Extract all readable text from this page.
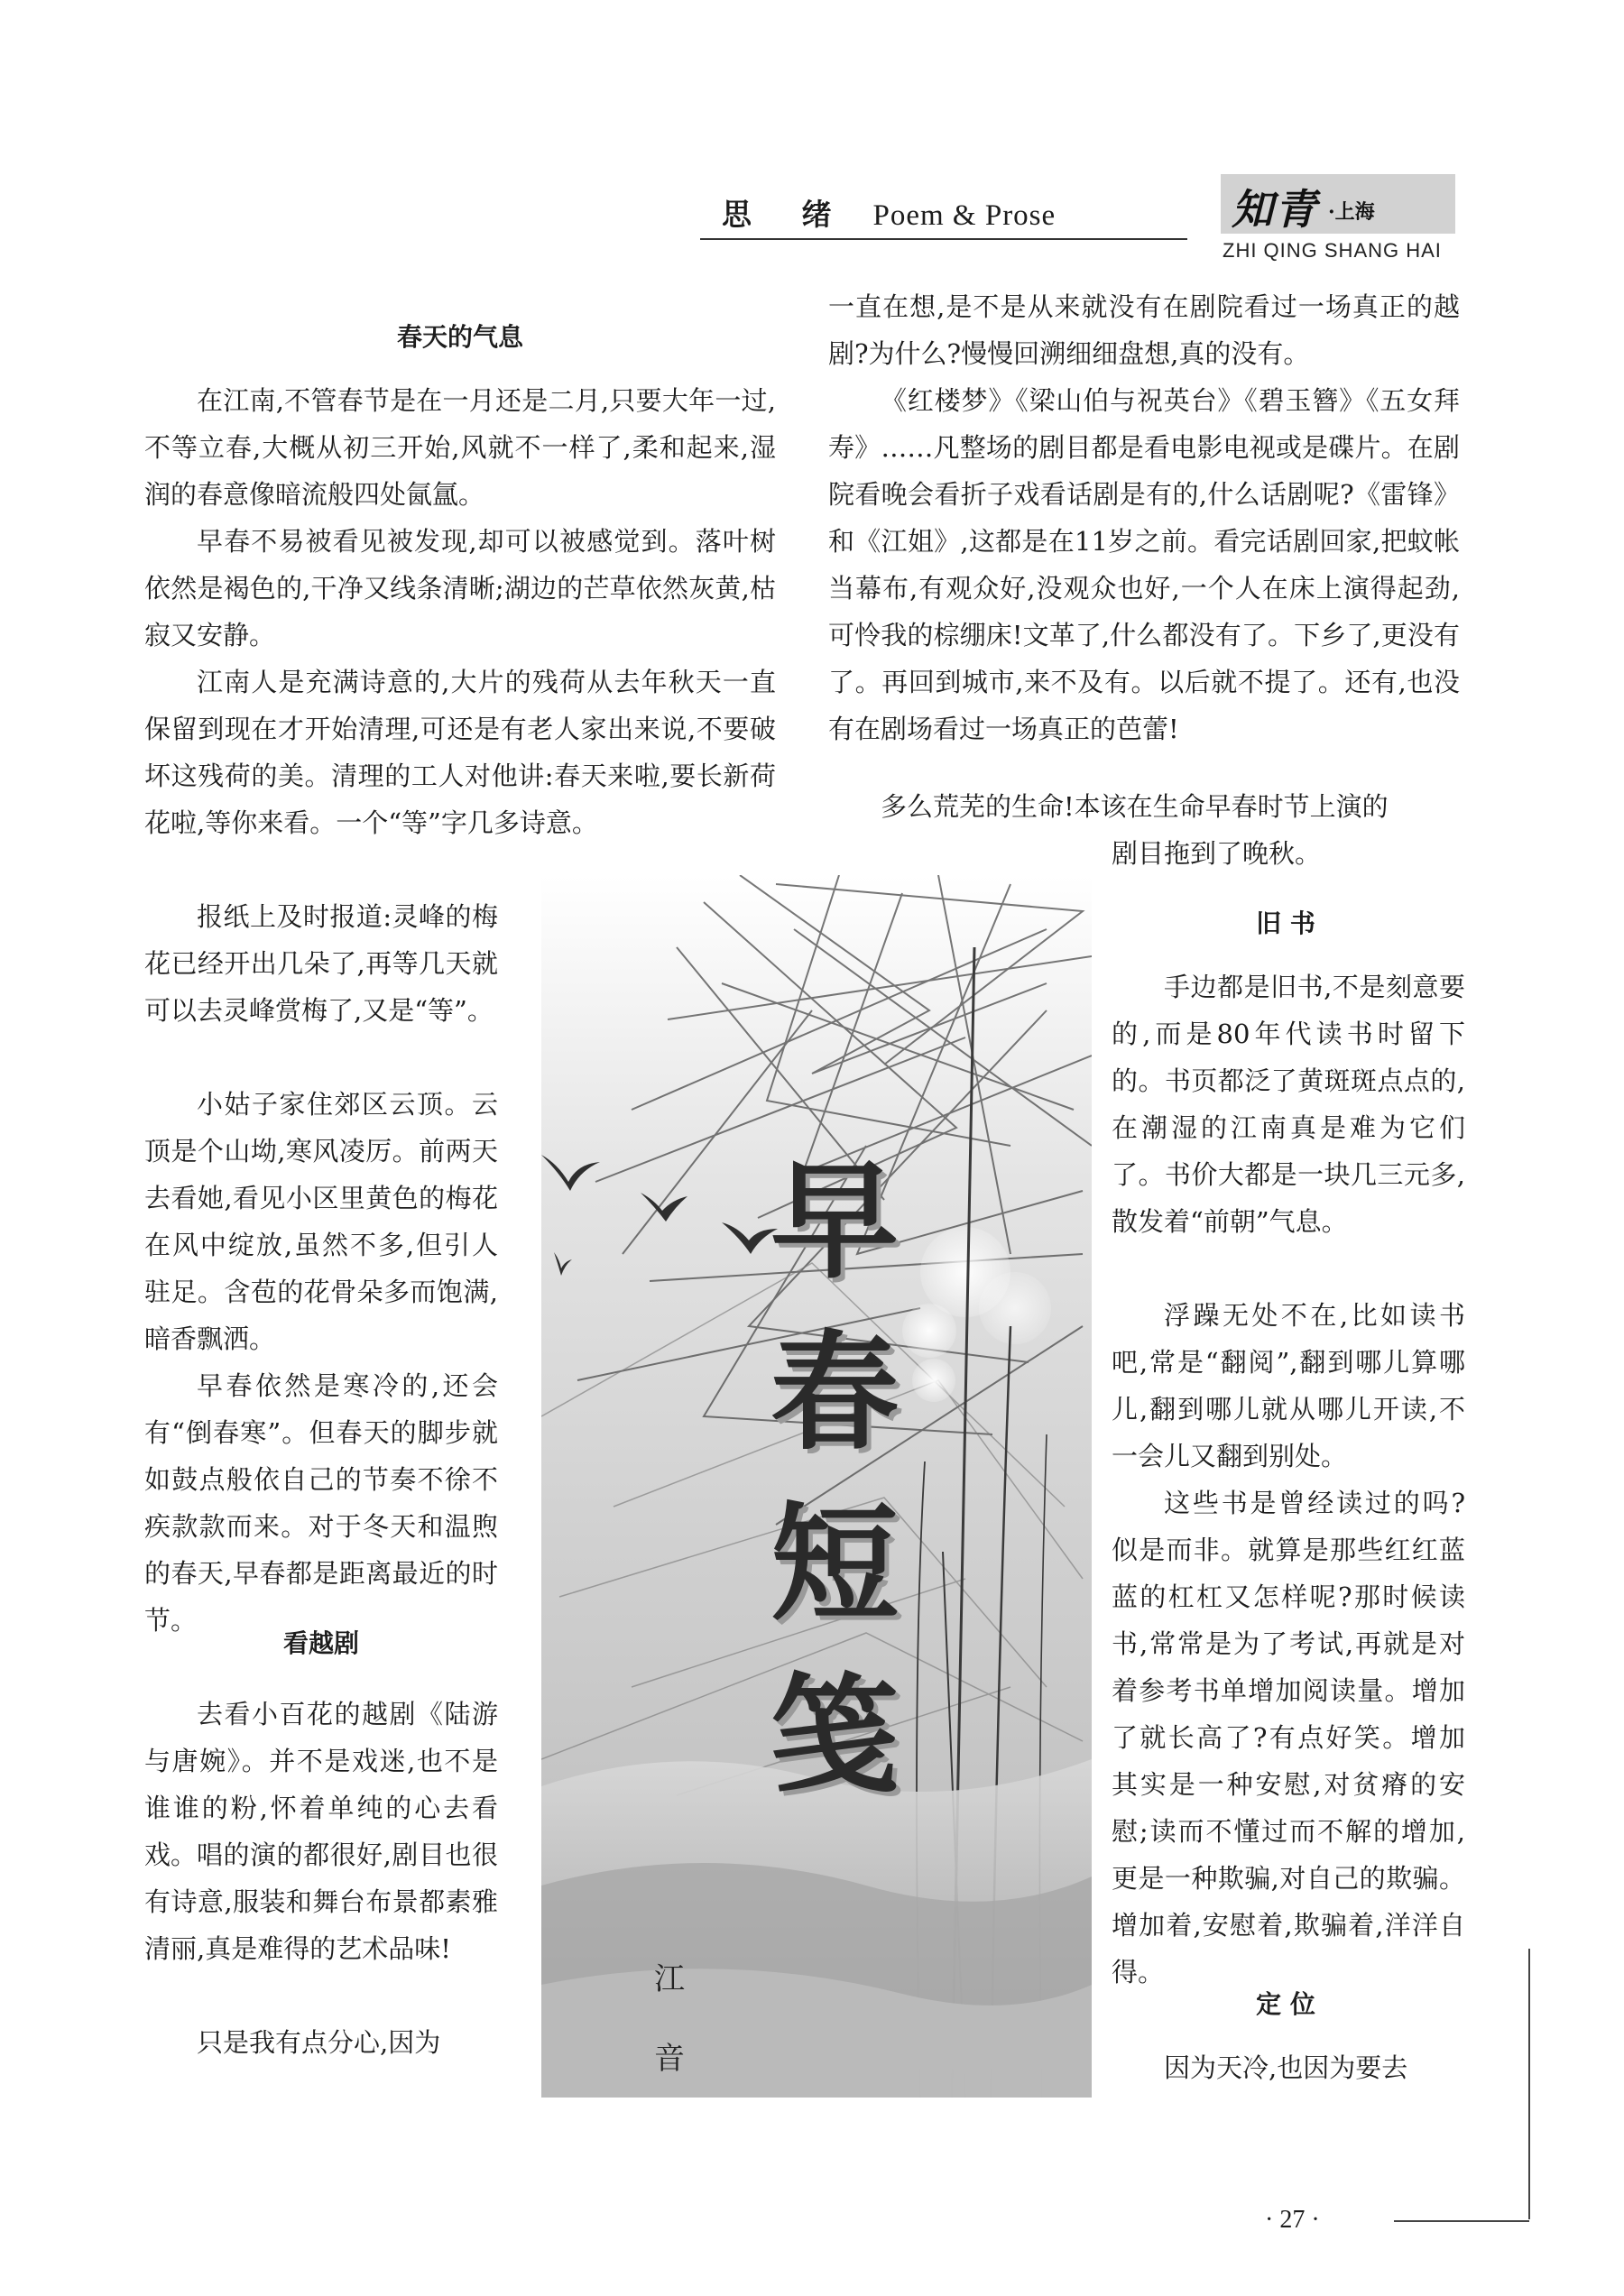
思 绪 Poem & Prose	知青 ·上海
ZHI QING SHANG HAI

春天的气息

在江南,不管春节是在一月还是二月,只要大年一过,不等立春,大概从初三开始,风就不一样了,柔和起来,湿润的春意像暗流般四处氤氲。

早春不易被看见被发现,却可以被感觉到。落叶树依然是褐色的,干净又线条清晰;湖边的芒草依然灰黄,枯寂又安静。

江南人是充满诗意的,大片的残荷从去年秋天一直保留到现在才开始清理,可还是有老人家出来说,不要破坏这残荷的美。清理的工人对他讲:春天来啦,要长新荷花啦,等你来看。一个“等”字几多诗意。

报纸上及时报道:灵峰的梅花已经开出几朵了,再等几天就可以去灵峰赏梅了,又是“等”。

小姑子家住郊区云顶。云顶是个山坳,寒风凌厉。前两天去看她,看见小区里黄色的梅花在风中绽放,虽然不多,但引人驻足。含苞的花骨朵多而饱满,暗香飘洒。

早春依然是寒冷的,还会有“倒春寒”。但春天的脚步就如鼓点般依自己的节奏不徐不疾款款而来。对于冬天和温煦的春天,早春都是距离最近的时节。

看越剧

去看小百花的越剧《陆游与唐婉》。并不是戏迷,也不是谁谁的粉,怀着单纯的心去看戏。 唱的演的都很好,剧目也很有诗意,服装和舞台布景都素雅清丽,真是难得的艺术品味!

只是我有点分心,因为

一直在想,是不是从来就没有在剧院看过一场真正的越剧?为什么?慢慢回溯细细盘想,真的没有。

《红楼梦》《梁山伯与祝英台》《碧玉簪》《五女拜寿》……凡整场的剧目都是看电影电视或是碟片。在剧院看晚会看折子戏看话剧是有的,什么话剧呢?《雷锋》和《江姐》,这都是在11岁之前。看完话剧回家,把蚊帐当幕布,有观众好,没观众也好,一个人在床上演得起劲,可怜我的棕绷床!文革了,什么都没有了。下乡了,更没有了。再回到城市,来不及有。以后就不提了。还有,也没有在剧场看过一场真正的芭蕾!

多么荒芜的生命!本该在生命早春时节上演的

剧目拖到了晚秋。

旧 书

手边都是旧书,不是刻意要的,而是80年代读书时留下的。书页都泛了黄斑斑点点的,在潮湿的江南真是难为它们了。书价大都是一块几三元多,散发着“前朝”气息。

浮躁无处不在,比如读书吧,常是“翻阅”,翻到哪儿算哪儿,翻到哪儿就从哪儿开读,不一会儿又翻到别处。

这些书是曾经读过的吗?似是而非。就算是那些红红蓝蓝的杠杠又怎样呢?那时候读书,常常是为了考试,再就是对着参考书单增加阅读量。增加了就长高了?有点好笑。增加其实是一种安慰,对贫瘠的安慰;读而不懂过而不解的增加,更是一种欺骗,对自己的欺骗。增加着,安慰着,欺骗着,洋洋自得。

定 位

因为天冷,也因为要去

早
春
短
笺
江
音
· 27 ·
